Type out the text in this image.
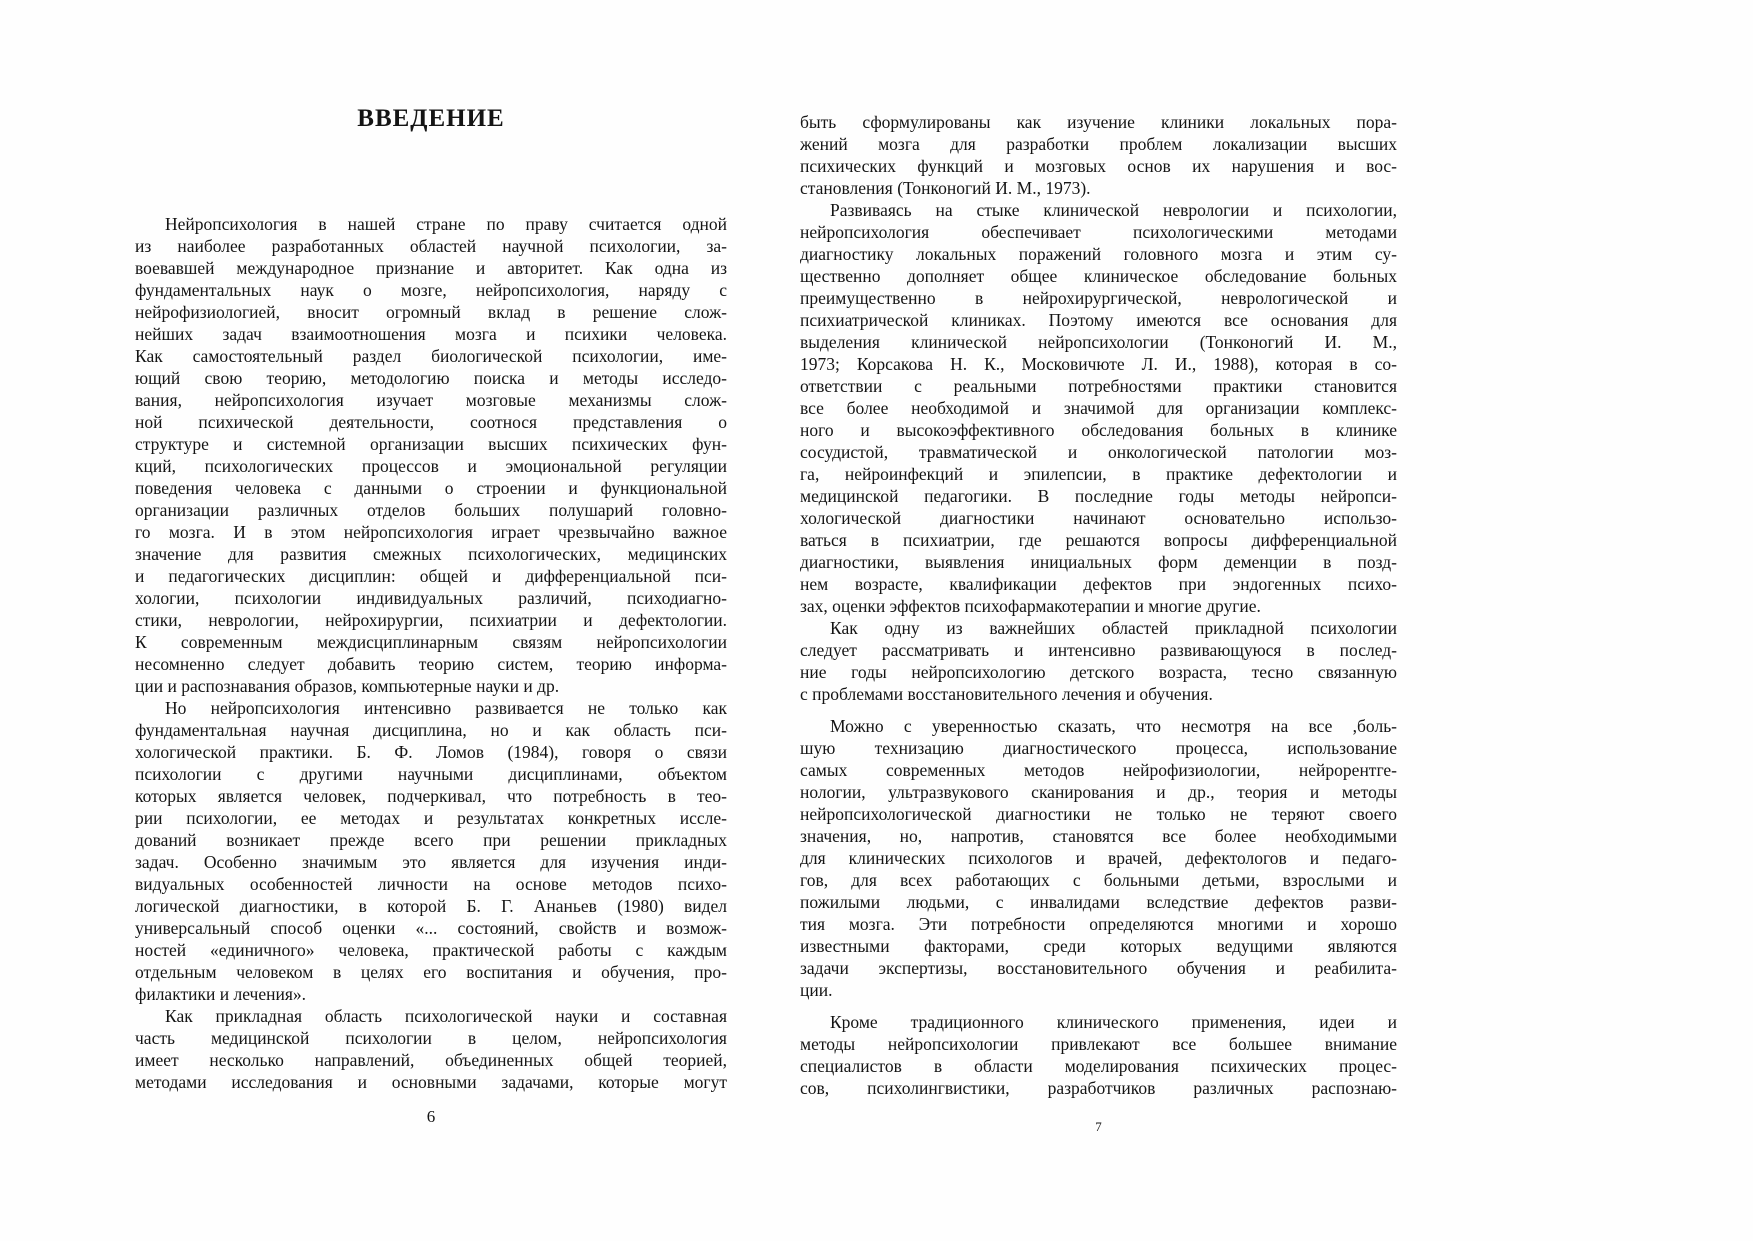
ВВЕДЕНИЕ
Нейропсихология в нашей стране по праву считается одной
из наиболее разработанных областей научной психологии, за-
воевавшей международное признание и авторитет. Как одна из
фундаментальных наук о мозге, нейропсихология, наряду с
нейрофизиологией, вносит огромный вклад в решение слож-
нейших задач взаимоотношения мозга и психики человека.
Как самостоятельный раздел биологической психологии, име-
ющий свою теорию, методологию поиска и методы исследо-
вания, нейропсихология изучает мозговые механизмы слож-
ной психической деятельности, соотнося представления о
структуре и системной организации высших психических фун-
кций, психологических процессов и эмоциональной регуляции
поведения человека с данными о строении и функциональной
организации различных отделов больших полушарий головно-
го мозга. И в этом нейропсихология играет чрезвычайно важное
значение для развития смежных психологических, медицинских
и педагогических дисциплин: общей и дифференциальной пси-
хологии, психологии индивидуальных различий, психодиагно-
стики, неврологии, нейрохирургии, психиатрии и дефектологии.
К современным междисциплинарным связям нейропсихологии
несомненно следует добавить теорию систем, теорию информа-
ции и распознавания образов, компьютерные науки и др.
Но нейропсихология интенсивно развивается не только как
фундаментальная научная дисциплина, но и как область пси-
хологической практики. Б. Ф. Ломов (1984), говоря о связи
психологии с другими научными дисциплинами, объектом
которых является человек, подчеркивал, что потребность в тео-
рии психологии, ее методах и результатах конкретных иссле-
дований возникает прежде всего при решении прикладных
задач. Особенно значимым это является для изучения инди-
видуальных особенностей личности на основе методов психо-
логической диагностики, в которой Б. Г. Ананьев (1980) видел
универсальный способ оценки «... состояний, свойств и возмож-
ностей «единичного» человека, практической работы с каждым
отдельным человеком в целях его воспитания и обучения, про-
филактики и лечения».
Как прикладная область психологической науки и составная
часть медицинской психологии в целом, нейропсихология
имеет несколько направлений, объединенных общей теорией,
методами исследования и основными задачами, которые могут
6
быть сформулированы как изучение клиники локальных пора-
жений мозга для разработки проблем локализации высших
психических функций и мозговых основ их нарушения и вос-
становления (Тонконогий И. М., 1973).
Развиваясь на стыке клинической неврологии и психологии,
нейропсихология обеспечивает психологическими методами
диагностику локальных поражений головного мозга и этим су-
щественно дополняет общее клиническое обследование больных
преимущественно в нейрохирургической, неврологической и
психиатрической клиниках. Поэтому имеются все основания для
выделения клинической нейропсихологии (Тонконогий И. М.,
1973; Корсакова Н. К., Московичюте Л. И., 1988), которая в со-
ответствии с реальными потребностями практики становится
все более необходимой и значимой для организации комплекс-
ного и высокоэффективного обследования больных в клинике
сосудистой, травматической и онкологической патологии моз-
га, нейроинфекций и эпилепсии, в практике дефектологии и
медицинской педагогики. В последние годы методы нейропси-
хологической диагностики начинают основательно использо-
ваться в психиатрии, где решаются вопросы дифференциальной
диагностики, выявления инициальных форм деменции в позд-
нем возрасте, квалификации дефектов при эндогенных психо-
зах, оценки эффектов психофармакотерапии и многие другие.
Как одну из важнейших областей прикладной психологии
следует рассматривать и интенсивно развивающуюся в послед-
ние годы нейропсихологию детского возраста, тесно связанную
с проблемами восстановительного лечения и обучения.
Можно с уверенностью сказать, что несмотря на все ,боль-
шую технизацию диагностического процесса, использование
самых современных методов нейрофизиологии, нейрорентге-
нологии, ультразвукового сканирования и др., теория и методы
нейропсихологической диагностики не только не теряют своего
значения, но, напротив, становятся все более необходимыми
для клинических психологов и врачей, дефектологов и педаго-
гов, для всех работающих с больными детьми, взрослыми и
пожилыми людьми, с инвалидами вследствие дефектов разви-
тия мозга. Эти потребности определяются многими и хорошо
известными факторами, среди которых ведущими являются
задачи экспертизы, восстановительного обучения и реабилита-
ции.
Кроме традиционного клинического применения, идеи и
методы нейропсихологии привлекают все большее внимание
специалистов в области моделирования психических процес-
сов, психолингвистики, разработчиков различных распознаю-
7
